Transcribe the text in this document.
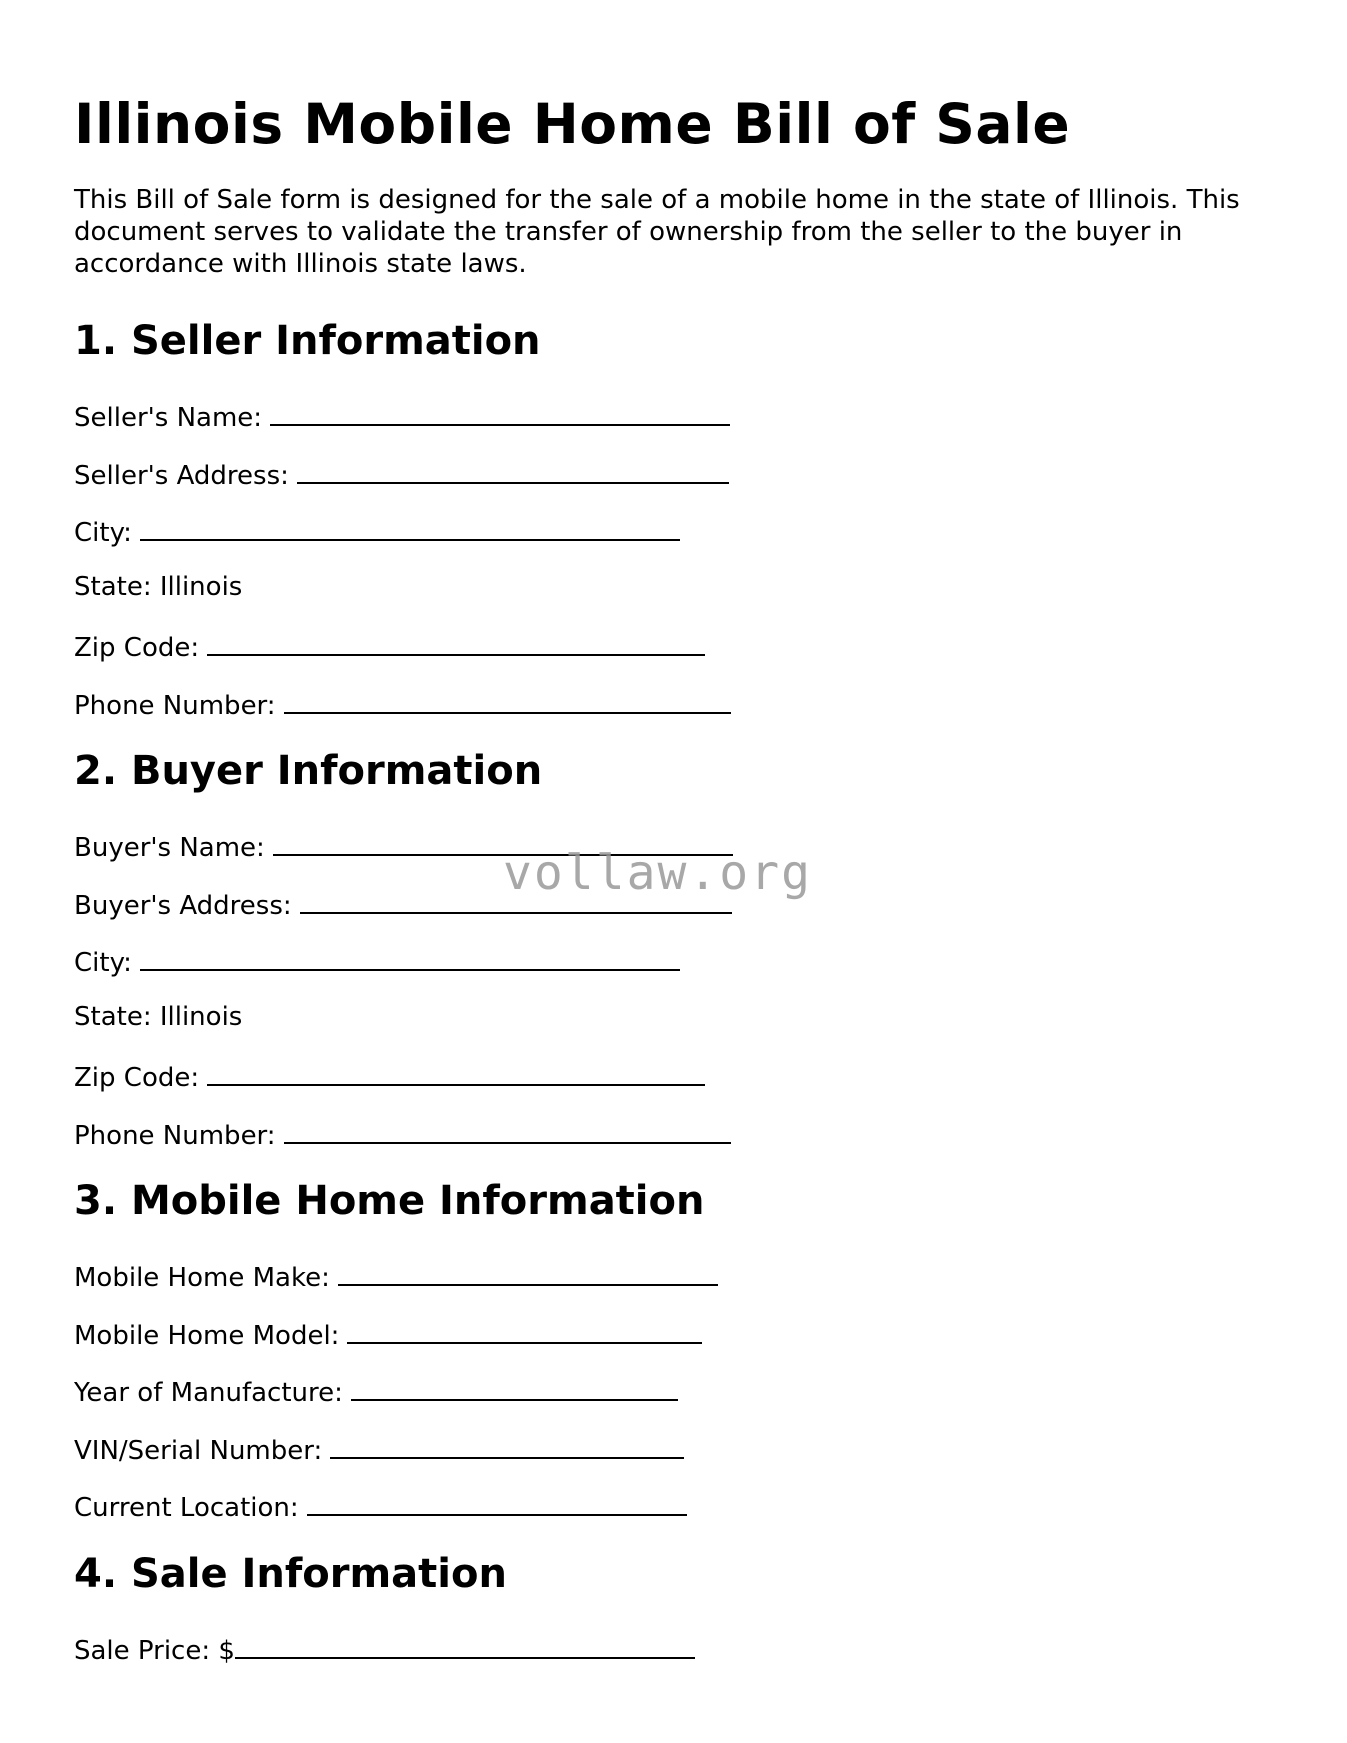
Illinois Mobile Home Bill of Sale

This Bill of Sale form is designed for the sale of a mobile home in the state of Illinois. This document serves to validate the transfer of ownership from the seller to the buyer in accordance with Illinois state laws.

1. Seller Information
Seller's Name:
Seller's Address:
City:
State: Illinois
Zip Code:
Phone Number:
2. Buyer Information
Buyer's Name:
Buyer's Address:
City:
State: Illinois
Zip Code:
Phone Number:
3. Mobile Home Information
Mobile Home Make:
Mobile Home Model:
Year of Manufacture:
VIN/Serial Number:
Current Location:
4. Sale Information
Sale Price: $
vollaw.org
